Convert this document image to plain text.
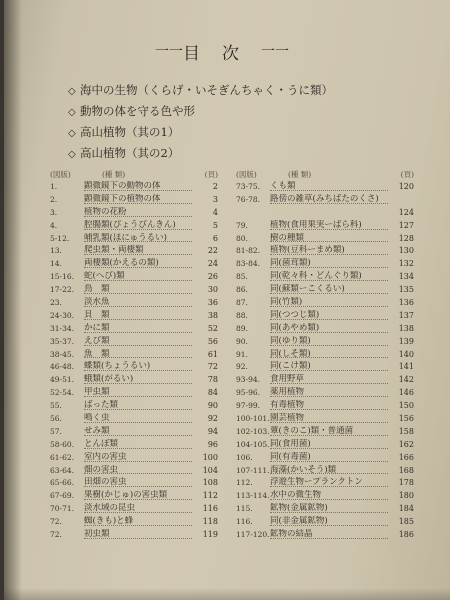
一一 目次 一一
◇ 海中の生物（くらげ・いそぎんちゃく・うに類）
◇ 動物の体を守る色や形
◇ 高山植物（其の1）
◇ 高山植物（其の2）
(図版)	(種 類)	(頁)
1.	顕微鏡下の動物の体	2
2.	顕微鏡下の植物の体	3
3.	植物の花粉	4
4.	腔腸類(ぴょうびんきん)	5
5-12.	哺乳類(ほにゅうるい)	6
13.	爬虫類・両棲類	22
14.	両棲類(かえるの類)	24
15-16.	蛇(へび)類	26
17-22.	鳥　類	30
23.	淡水魚	36
24-30.	貝　類	38
31-34.	かに類	52
35-37.	えび類	56
38-45.	魚　類	61
46-48.	蝶類(ちょうるい)	72
49-51.	蛾類(がるい)	78
52-54.	甲虫類	84
55.	ばった類	90
56.	鳴く虫	92
57.	せみ類	94
58-60.	とんぼ類	96
61-62.	室内の害虫	100
63-64.	畑の害虫	104
65-66.	田畑の害虫	108
67-69.	果樹(かじゅ)の害虫類	112
70-71.	淡水域の昆虫	116
72.	蜘(きも)と蜂	118
72.	初虫類	119
(図版)	(種 類)	(頁)
73-75.	くも類	120
76-78.	路傍の雑草(みちばたのくさ)
124
79.	植物(食用果実ーばら科)	127
80.	樹の種類	128
81-82.	植物(豆科ーまめ類)	130
83-84.	同(菌茸類)	132
85.	同(乾々科・どんぐり類)	134
86.	同(蘇類ーこくるい)	135
87.	同(竹類)	136
88.	同(つつじ類)	137
89.	同(あやめ類)	138
90.	同(ゆり類)	139
91.	同(しそ類)	140
92.	同(こけ類)	141
93-94.	食用野草	142
95-96.	薬用植物	146
97-99.	有毒植物	150
100-101. 園芸植物	156
102-103. 蕈(きのこ)類・普通菌	158
104-105. 同(食用菌)	162
106.	同(有毒菌)	166
107-111. 海藻(かいそう)類	168
112.	浮遊生物ープランクトン	178
113-114. 水中の微生物	180
115.	鉱物(金属鉱物)	184
116.	同(非金属鉱物)	185
117-120. 鉱物の結晶	186
